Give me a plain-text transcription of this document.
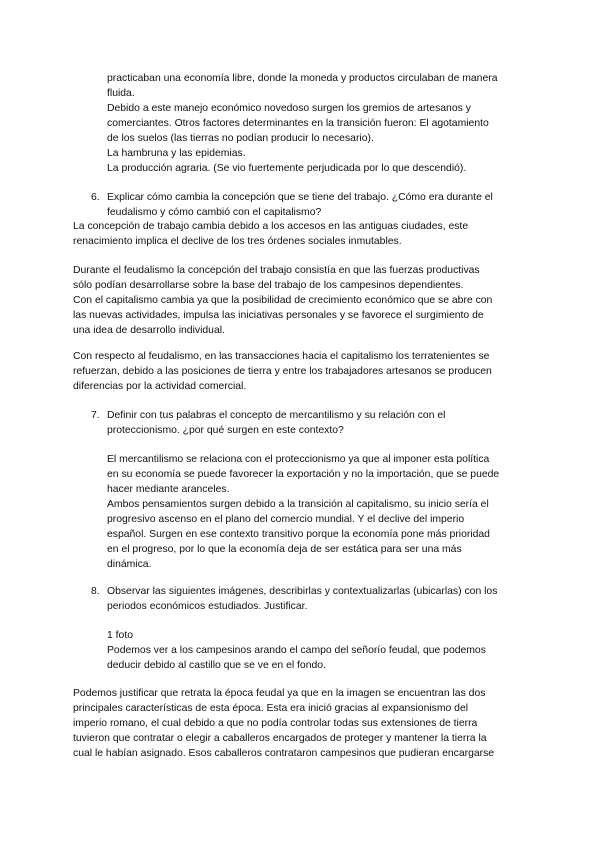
practicaban una economía libre, donde la moneda y productos circulaban de manera
fluida.
Debido a este manejo económico novedoso surgen los gremios de artesanos y
comerciantes. Otros factores determinantes en la transición fueron: El agotamiento
de los suelos (las tierras no podían producir lo necesario).
La hambruna y las epidemias.
La producción agraria. (Se vio fuertemente perjudicada por lo que descendió).
6. Explicar cómo cambia la concepción que se tiene del trabajo. ¿Cómo era durante el
feudalismo y cómo cambió con el capitalismo?
La concepción de trabajo cambia debido a los accesos en las antiguas ciudades, este
renacimiento implica el declive de los tres órdenes sociales inmutables.
Durante el feudalismo la concepción del trabajo consistía en que las fuerzas productivas
sólo podían desarrollarse sobre la base del trabajo de los campesinos dependientes.
Con el capitalismo cambia ya que la posibilidad de crecimiento económico que se abre con
las nuevas actividades, impulsa las iniciativas personales y se favorece el surgimiento de
una idea de desarrollo individual.
Con respecto al feudalismo, en las transacciones hacia el capitalismo los terratenientes se
refuerzan, debido a las posiciones de tierra y entre los trabajadores artesanos se producen
diferencias por la actividad comercial.
7. Definir con tus palabras el concepto de mercantilismo y su relación con el
proteccionismo. ¿por qué surgen en este contexto?
El mercantilismo se relaciona con el proteccionismo ya que al imponer esta política
en su economía se puede favorecer la exportación y no la importación, que se puede
hacer mediante aranceles.
Ambos pensamientos surgen debido a la transición al capitalismo, su inicio sería el
progresivo ascenso en el plano del comercio mundial. Y el declive del imperio
español. Surgen en ese contexto transitivo porque la economía pone más prioridad
en el progreso, por lo que la economía deja de ser estática para ser una más
dinámica.
8. Observar las siguientes imágenes, describirlas y contextualizarlas (ubicarlas) con los
periodos económicos estudiados. Justificar.
1 foto
Podemos ver a los campesinos arando el campo del señorío feudal, que podemos
deducir debido al castillo que se ve en el fondo.
Podemos justificar que retrata la época feudal ya que en la imagen se encuentran las dos
principales características de esta época. Esta era inició gracias al expansionismo del
imperio romano, el cual debido a que no podía controlar todas sus extensiones de tierra
tuvieron que contratar o elegir a caballeros encargados de proteger y mantener la tierra la
cual le habían asignado. Esos caballeros contrataron campesinos que pudieran encargarse
